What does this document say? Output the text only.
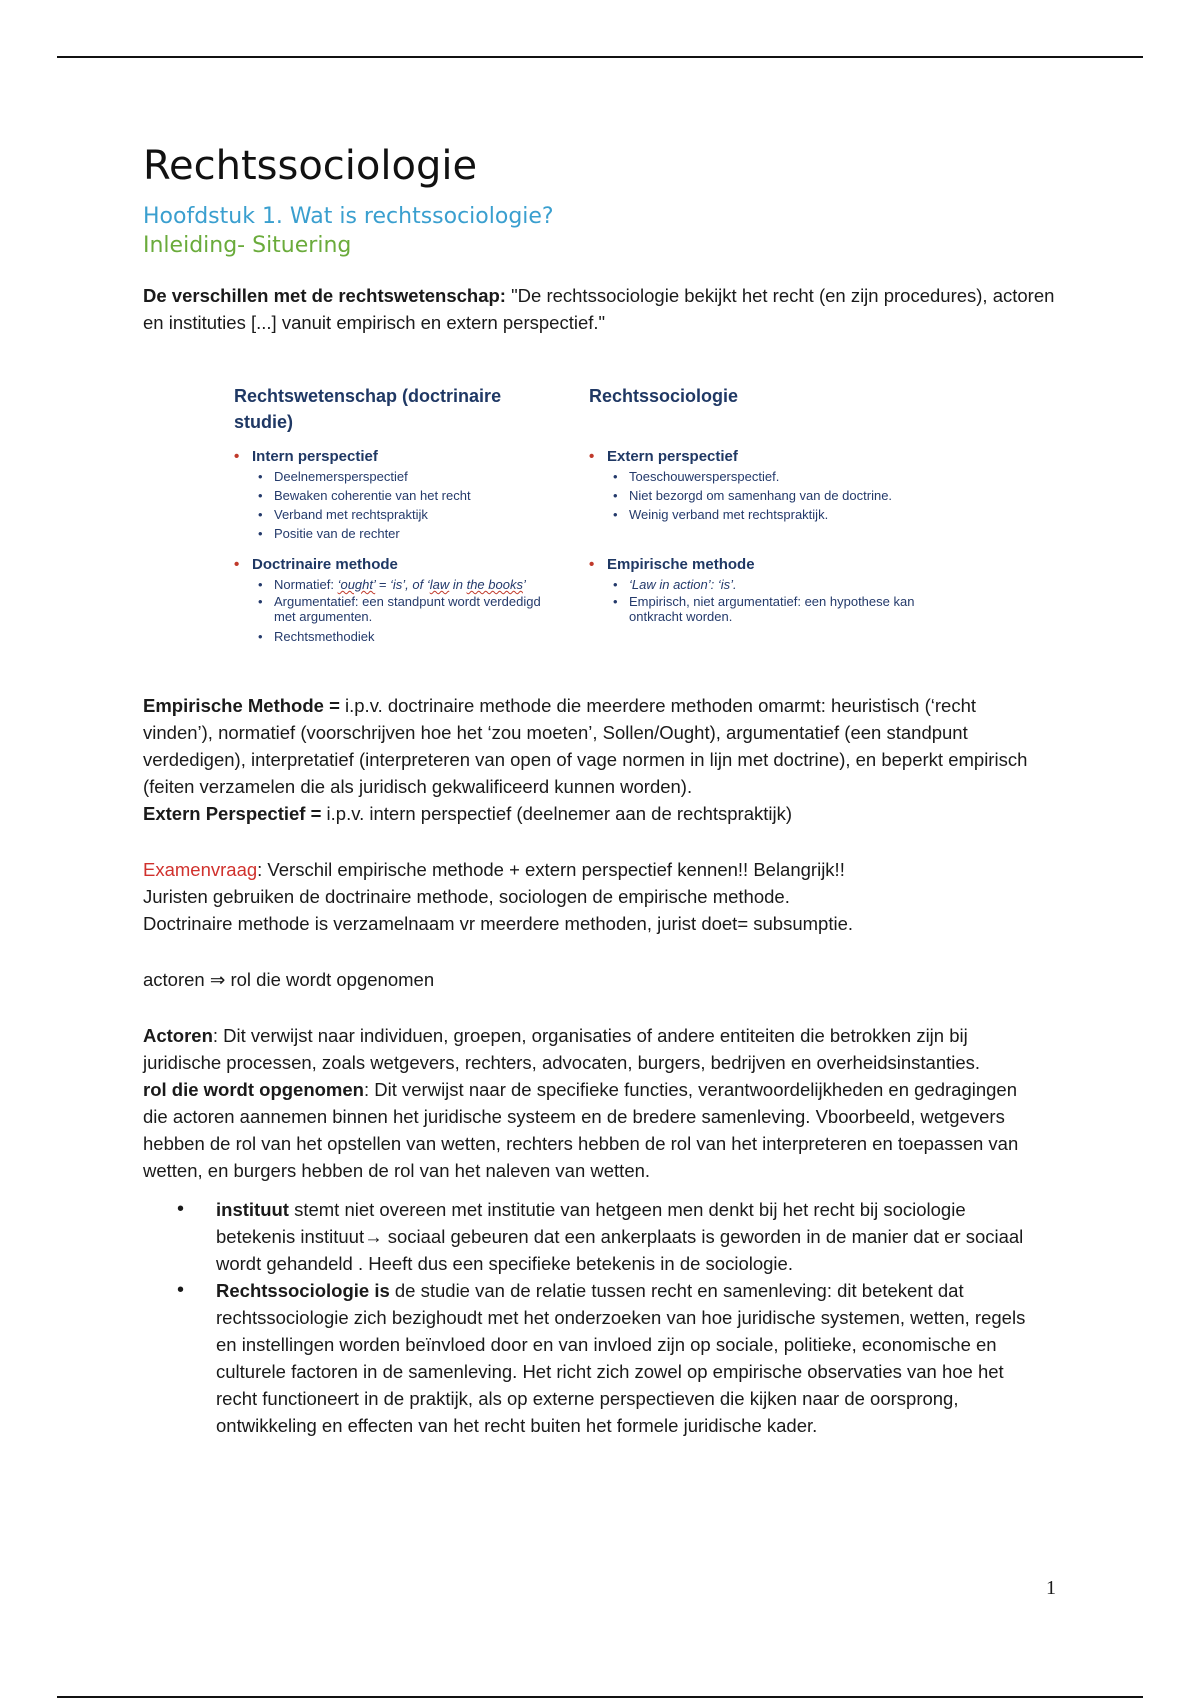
Rechtssociologie
Hoofdstuk 1. Wat is rechtssociologie?
Inleiding- Situering

De verschillen met de rechtswetenschap: "De rechtssociologie bekijkt het recht (en zijn procedures), actoren en instituties [...] vanuit empirisch en extern perspectief."

Rechtswetenschap (doctrinaire studie)
• Intern perspectief
• Deelnemersperspectief
• Bewaken coherentie van het recht
• Verband met rechtspraktijk
• Positie van de rechter
• Doctrinaire methode
• Normatief: ‘ought’ = ‘is’, of ‘law in the books’
• Argumentatief: een standpunt wordt verdedigd met argumenten.
• Rechtsmethodiek
Rechtssociologie
• Extern perspectief
• Toeschouwersperspectief.
• Niet bezorgd om samenhang van de doctrine.
• Weinig verband met rechtspraktijk.
• Empirische methode
• ‘Law in action’: ‘is’.
• Empirisch, niet argumentatief: een hypothese kan ontkracht worden.

Empirische Methode = i.p.v. doctrinaire methode die meerdere methoden omarmt: heuristisch (‘recht vinden’), normatief (voorschrijven hoe het ‘zou moeten’, Sollen/Ought), argumentatief (een standpunt verdedigen), interpretatief (interpreteren van open of vage normen in lijn met doctrine), en beperkt empirisch (feiten verzamelen die als juridisch gekwalificeerd kunnen worden).

Extern Perspectief = i.p.v. intern perspectief (deelnemer aan de rechtspraktijk)

Examenvraag: Verschil empirische methode + extern perspectief kennen!! Belangrijk!!

Juristen gebruiken de doctrinaire methode, sociologen de empirische methode.

Doctrinaire methode is verzamelnaam vr meerdere methoden, jurist doet= subsumptie.

actoren ⇒ rol die wordt opgenomen

Actoren: Dit verwijst naar individuen, groepen, organisaties of andere entiteiten die betrokken zijn bij juridische processen, zoals wetgevers, rechters, advocaten, burgers, bedrijven en overheidsinstanties.

rol die wordt opgenomen: Dit verwijst naar de specifieke functies, verantwoordelijkheden en gedragingen die actoren aannemen binnen het juridische systeem en de bredere samenleving. Vboorbeeld, wetgevers hebben de rol van het opstellen van wetten, rechters hebben de rol van het interpreteren en toepassen van wetten, en burgers hebben de rol van het naleven van wetten.

• instituut stemt niet overeen met institutie van hetgeen men denkt bij het recht bij sociologie betekenis instituut→ sociaal gebeuren dat een ankerplaats is geworden in de manier dat er sociaal wordt gehandeld . Heeft dus een specifieke betekenis in de sociologie.
• Rechtssociologie is de studie van de relatie tussen recht en samenleving: dit betekent dat rechtssociologie zich bezighoudt met het onderzoeken van hoe juridische systemen, wetten, regels en instellingen worden beïnvloed door en van invloed zijn op sociale, politieke, economische en culturele factoren in de samenleving. Het richt zich zowel op empirische observaties van hoe het recht functioneert in de praktijk, als op externe perspectieven die kijken naar de oorsprong, ontwikkeling en effecten van het recht buiten het formele juridische kader.
1
